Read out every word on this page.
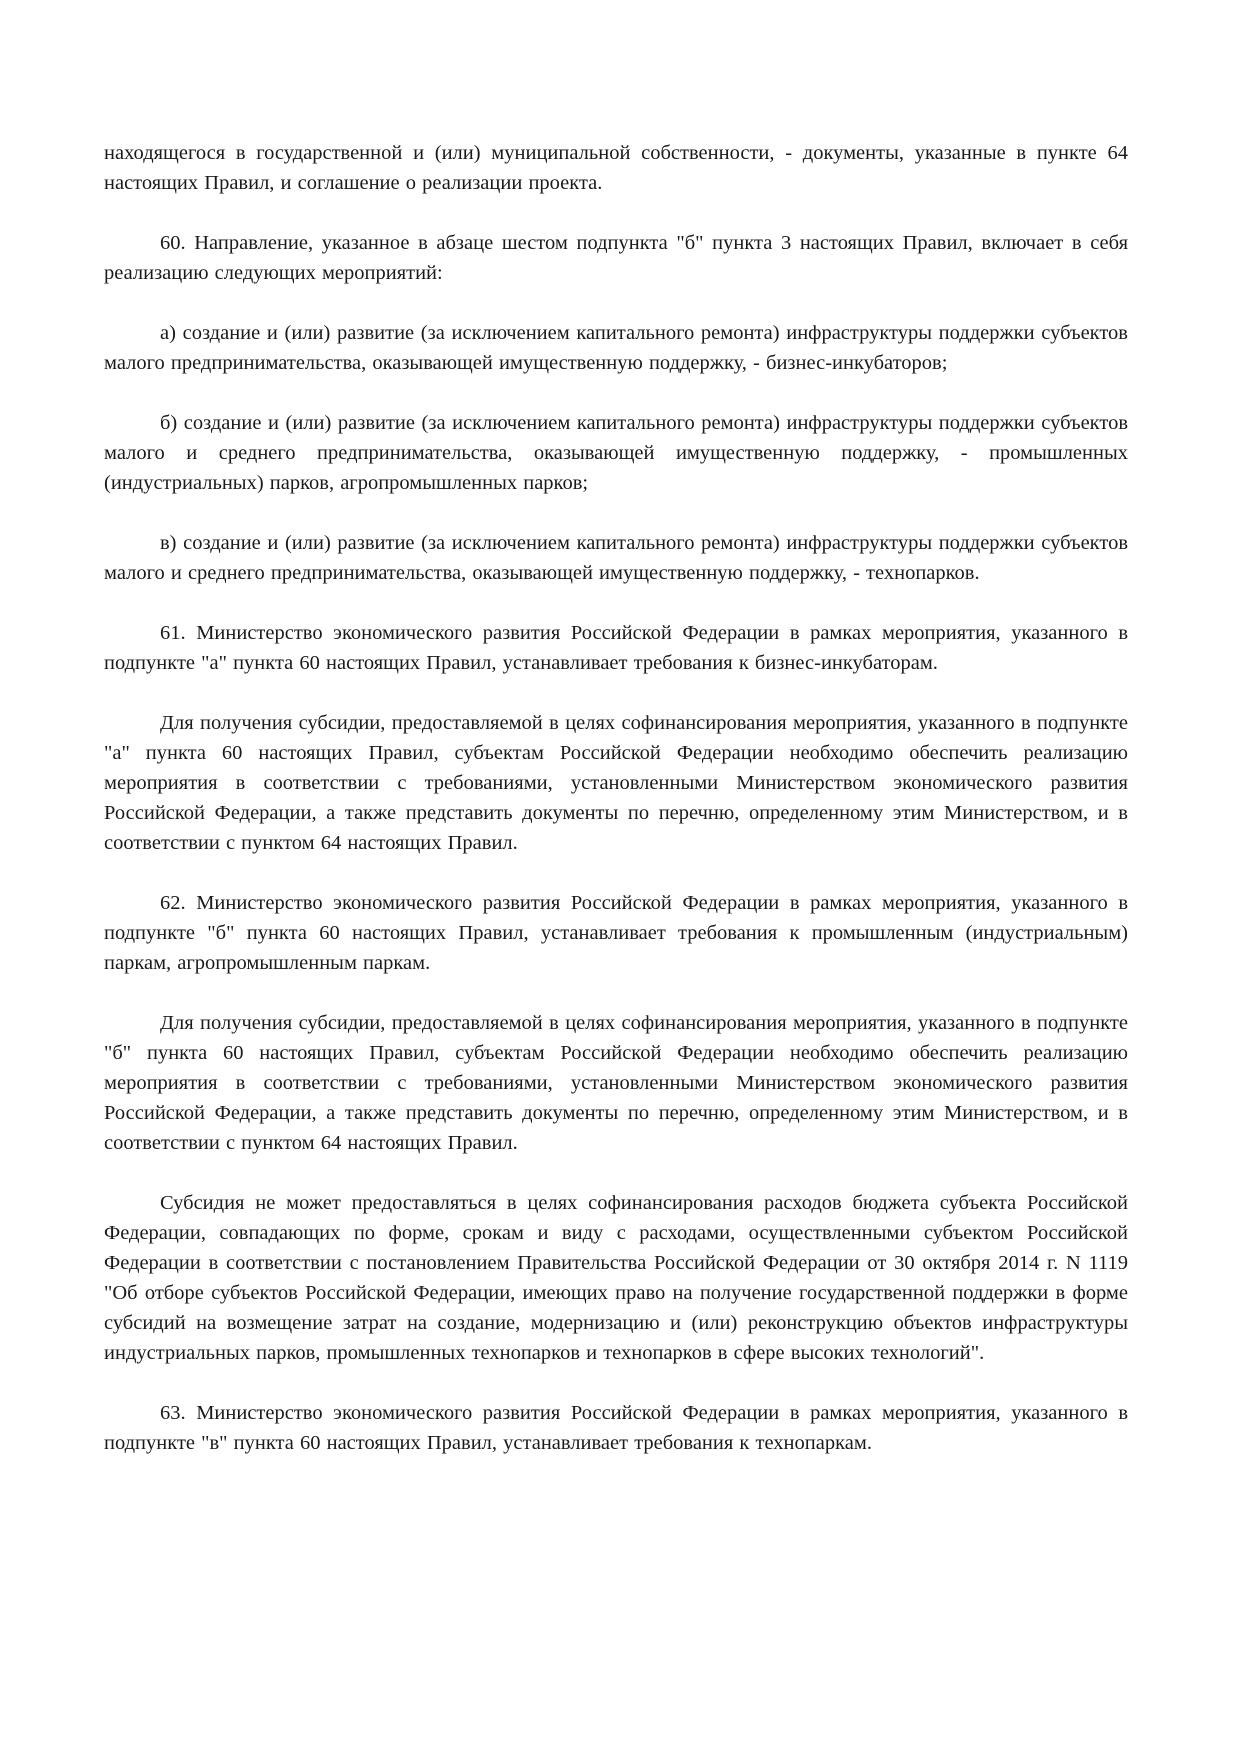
находящегося в государственной и (или) муниципальной собственности, - документы, указанные в пункте 64 настоящих Правил, и соглашение о реализации проекта.

60. Направление, указанное в абзаце шестом подпункта "б" пункта 3 настоящих Правил, включает в себя реализацию следующих мероприятий:

а) создание и (или) развитие (за исключением капитального ремонта) инфраструктуры поддержки субъектов малого предпринимательства, оказывающей имущественную поддержку, - бизнес-инкубаторов;

б) создание и (или) развитие (за исключением капитального ремонта) инфраструктуры поддержки субъектов малого и среднего предпринимательства, оказывающей имущественную поддержку, - промышленных (индустриальных) парков, агропромышленных парков;

в) создание и (или) развитие (за исключением капитального ремонта) инфраструктуры поддержки субъектов малого и среднего предпринимательства, оказывающей имущественную поддержку, - технопарков.

61. Министерство экономического развития Российской Федерации в рамках мероприятия, указанного в подпункте "а" пункта 60 настоящих Правил, устанавливает требования к бизнес-инкубаторам.

Для получения субсидии, предоставляемой в целях софинансирования мероприятия, указанного в подпункте "а" пункта 60 настоящих Правил, субъектам Российской Федерации необходимо обеспечить реализацию мероприятия в соответствии с требованиями, установленными Министерством экономического развития Российской Федерации, а также представить документы по перечню, определенному этим Министерством, и в соответствии с пунктом 64 настоящих Правил.

62. Министерство экономического развития Российской Федерации в рамках мероприятия, указанного в подпункте "б" пункта 60 настоящих Правил, устанавливает требования к промышленным (индустриальным) паркам, агропромышленным паркам.

Для получения субсидии, предоставляемой в целях софинансирования мероприятия, указанного в подпункте "б" пункта 60 настоящих Правил, субъектам Российской Федерации необходимо обеспечить реализацию мероприятия в соответствии с требованиями, установленными Министерством экономического развития Российской Федерации, а также представить документы по перечню, определенному этим Министерством, и в соответствии с пунктом 64 настоящих Правил.

Субсидия не может предоставляться в целях софинансирования расходов бюджета субъекта Российской Федерации, совпадающих по форме, срокам и виду с расходами, осуществленными субъектом Российской Федерации в соответствии с постановлением Правительства Российской Федерации от 30 октября 2014 г. N 1119 "Об отборе субъектов Российской Федерации, имеющих право на получение государственной поддержки в форме субсидий на возмещение затрат на создание, модернизацию и (или) реконструкцию объектов инфраструктуры индустриальных парков, промышленных технопарков и технопарков в сфере высоких технологий".

63. Министерство экономического развития Российской Федерации в рамках мероприятия, указанного в подпункте "в" пункта 60 настоящих Правил, устанавливает требования к технопаркам.
